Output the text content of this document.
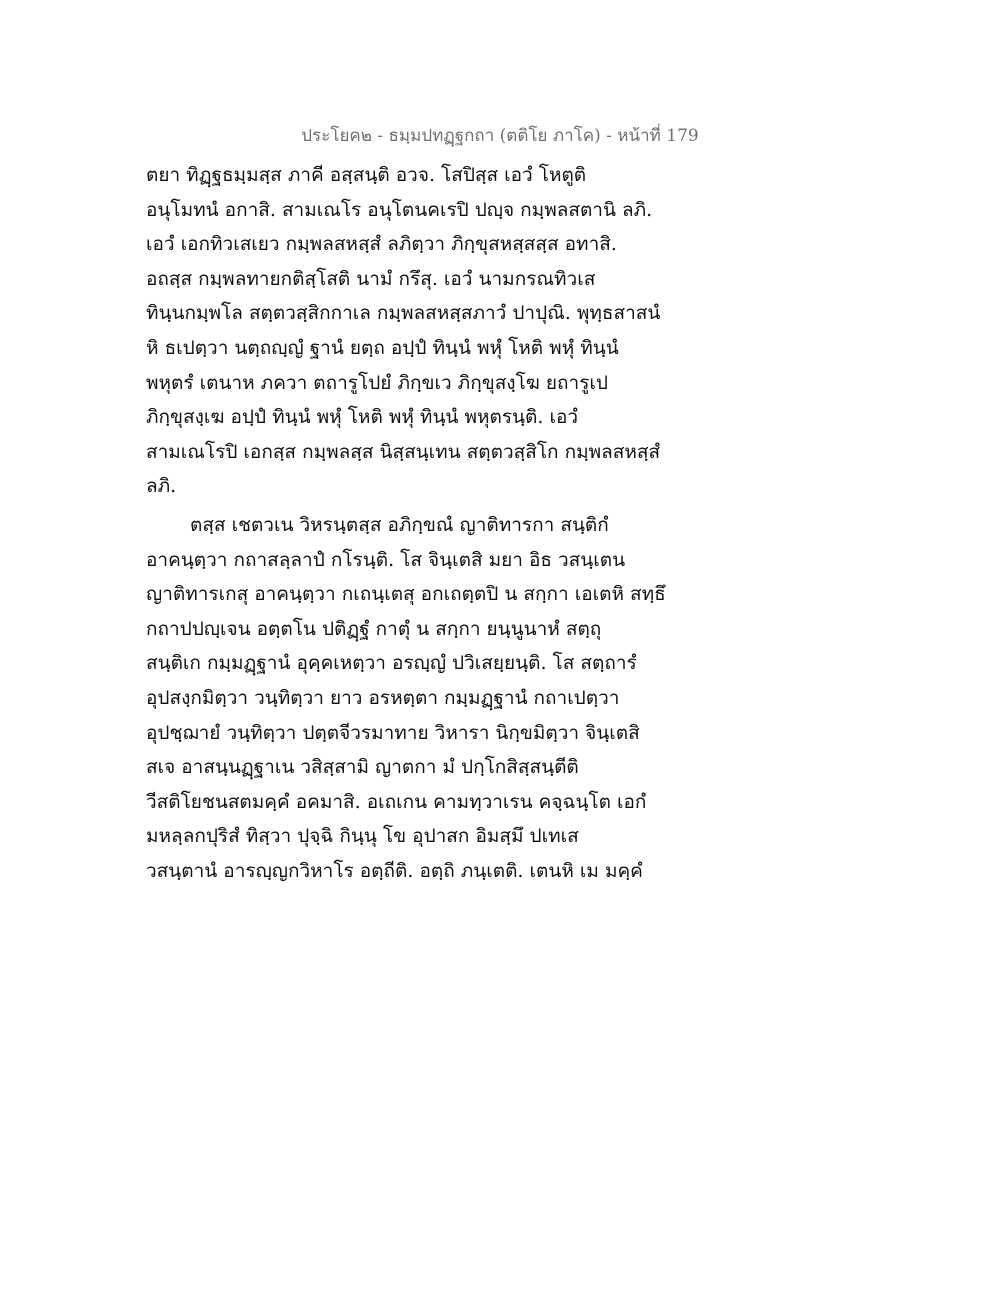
ประโยค๒ - ธมฺมปทฏฺฐกถา (ตติโย ภาโค) - หน้าที่ 179
ตยา ทิฏฺฐธมฺมสฺส ภาคี อสฺสนฺติ อวจ. โสปิสฺส เอวํ โหตูติ
อนุโมทนํ อกาสิ. สามเณโร อนุโตนคเรปิ ปญฺจ กมฺพลสตานิ ลภิ.
เอวํ เอกทิวเสเยว กมฺพลสหสฺสํ ลภิตฺวา ภิกฺขุสหสฺสสฺส อทาสิ.
อถสฺส กมฺพลทายกติสฺโสติ นามํ กรึสุ. เอวํ นามกรณทิวเส
ทินฺนกมฺพโล สตฺตวสฺสิกกาเล กมฺพลสหสฺสภาวํ ปาปุณิ. พุทฺธสาสนํ
หิ ธเปตฺวา นตฺถญฺญํ ฐานํ ยตฺถ อปฺปํ ทินฺนํ พหุํ โหติ พหุํ ทินฺนํ
พหุตรํ เตนาห ภควา ตถารูโปยํ ภิกฺขเว ภิกฺขุสงฺโฆ ยถารูเป
ภิกฺขุสงฺเฆ อปฺปํ ทินฺนํ พหุํ โหติ พหุํ ทินฺนํ พหุตรนฺติ. เอวํ
สามเณโรปิ เอกสฺส กมฺพลสฺส นิสฺสนฺเทน สตฺตวสฺสิโก กมฺพลสหสฺสํ
ลภิ.
ตสฺส เชตวเน วิหรนฺตสฺส อภิกฺขณํ ญาติทารกา สนฺติกํ
อาคนฺตฺวา กถาสลฺลาปํ กโรนฺติ. โส จินฺเตสิ มยา อิธ วสนฺเตน
ญาติทารเกสุ อาคนฺตฺวา กเถนฺเตสุ อกเถตฺตปิ น สกฺกา เอเตหิ สทฺธึ
กถาปปญฺเจน อตฺตโน ปติฏฺฐํ กาตุํ น สกฺกา ยนฺนูนาหํ สตฺถุ
สนฺติเก กมฺมฏฺฐานํ อุคฺคเหตฺวา อรญฺญํ ปวิเสยฺยนฺติ. โส สตฺถารํ
อุปสงฺกมิตฺวา วนฺทิตฺวา ยาว อรหตฺตา กมฺมฏฺฐานํ กถาเปตฺวา
อุปชฺฌายํ วนฺทิตฺวา ปตฺตจีวรมาทาย วิหารา นิกฺขมิตฺวา จินฺเตสิ
สเจ อาสนฺนฏฺฐาเน วสิสฺสามิ ญาตกา มํ ปกฺโกสิสฺสนฺตีติ
วีสติโยชนสตมคฺคํ อคมาสิ. อเถเกน คามทฺวาเรน คจฺฉนฺโต เอกํ
มหลฺลกปุริสํ ทิสฺวา ปุจฺฉิ กินฺนุ โข อุปาสก อิมสฺมึ ปเทเส
วสนฺตานํ อารญฺญกวิหาโร อตฺถีติ. อตฺถิ ภนฺเตติ. เตนหิ เม มคฺคํ
